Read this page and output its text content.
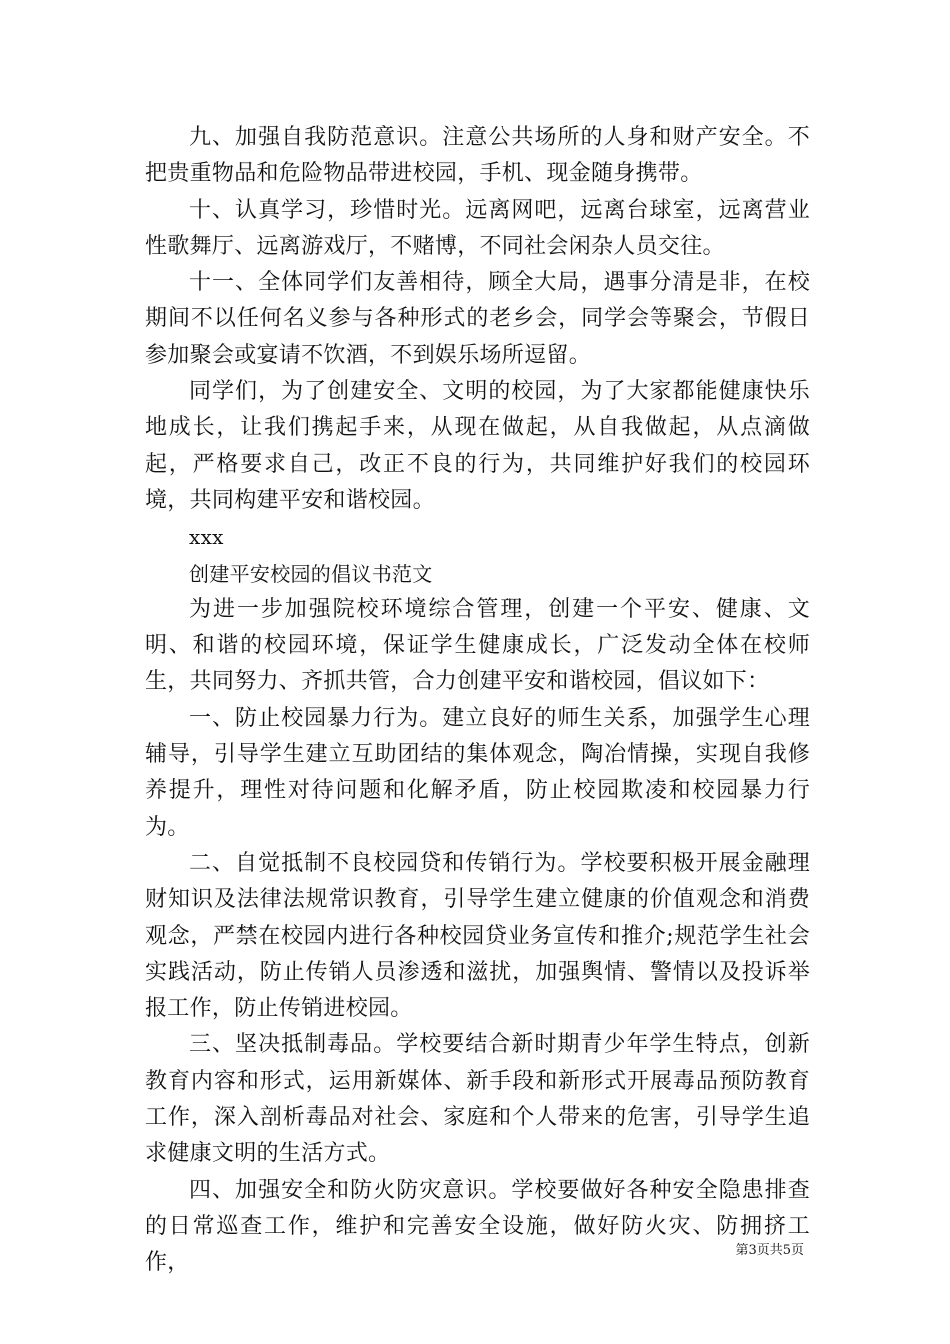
九、加强自我防范意识。注意公共场所的人身和财产安全。不把贵重物品和危险物品带进校园，手机、现金随身携带。

十、认真学习，珍惜时光。远离网吧，远离台球室，远离营业性歌舞厅、远离游戏厅，不赌博，不同社会闲杂人员交往。

十一、全体同学们友善相待，顾全大局，遇事分清是非，在校期间不以任何名义参与各种形式的老乡会，同学会等聚会，节假日参加聚会或宴请不饮酒，不到娱乐场所逗留。

同学们，为了创建安全、文明的校园，为了大家都能健康快乐地成长，让我们携起手来，从现在做起，从自我做起，从点滴做起，严格要求自己，改正不良的行为，共同维护好我们的校园环境，共同构建平安和谐校园。

xxx

创建平安校园的倡议书范文

为进一步加强院校环境综合管理，创建一个平安、健康、文明、和谐的校园环境，保证学生健康成长，广泛发动全体在校师生，共同努力、齐抓共管，合力创建平安和谐校园，倡议如下：

一、防止校园暴力行为。建立良好的师生关系，加强学生心理辅导，引导学生建立互助团结的集体观念，陶冶情操，实现自我修养提升，理性对待问题和化解矛盾，防止校园欺凌和校园暴力行为。

二、自觉抵制不良校园贷和传销行为。学校要积极开展金融理财知识及法律法规常识教育，引导学生建立健康的价值观念和消费观念，严禁在校园内进行各种校园贷业务宣传和推介;规范学生社会实践活动，防止传销人员渗透和滋扰，加强舆情、警情以及投诉举报工作，防止传销进校园。

三、坚决抵制毒品。学校要结合新时期青少年学生特点，创新教育内容和形式，运用新媒体、新手段和新形式开展毒品预防教育工作，深入剖析毒品对社会、家庭和个人带来的危害，引导学生追求健康文明的生活方式。

四、加强安全和防火防灾意识。学校要做好各种安全隐患排查的日常巡查工作，维护和完善安全设施，做好防火灾、防拥挤工作，	第3页共5页
